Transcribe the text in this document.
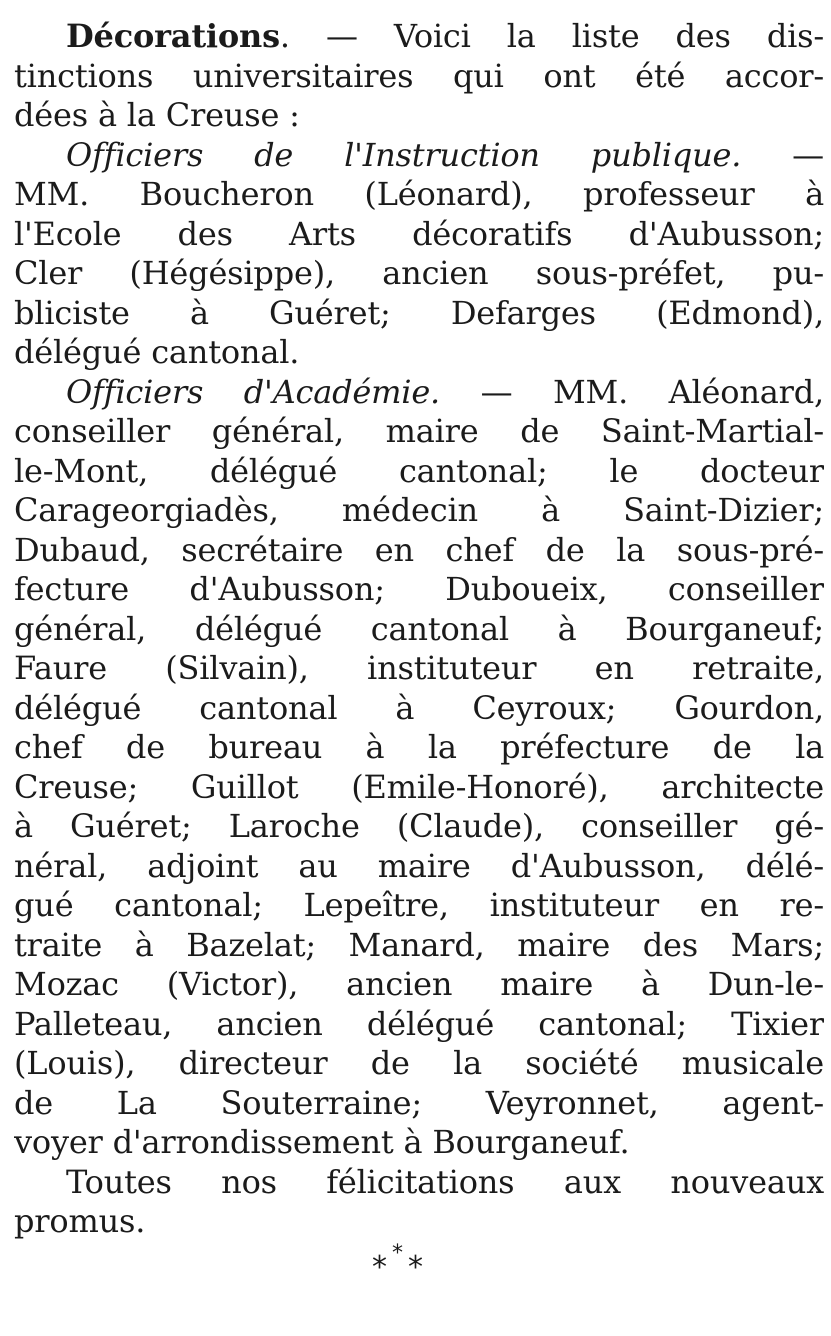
Décorations. — Voici la liste des dis-
tinctions universitaires qui ont été accor-
dées à la Creuse :
Officiers de l'Instruction publique. —
MM. Boucheron (Léonard), professeur à
l'Ecole des Arts décoratifs d'Aubusson;
Cler (Hégésippe), ancien sous-préfet, pu-
bliciste à Guéret; Defarges (Edmond),
délégué cantonal.
Officiers d'Académie. — MM. Aléonard,
conseiller général, maire de Saint-Martial-
le-Mont, délégué cantonal; le docteur
Carageorgiadès, médecin à Saint-Dizier;
Dubaud, secrétaire en chef de la sous-pré-
fecture d'Aubusson; Duboueix, conseiller
général, délégué cantonal à Bourganeuf;
Faure (Silvain), instituteur en retraite,
délégué cantonal à Ceyroux; Gourdon,
chef de bureau à la préfecture de la
Creuse; Guillot (Emile-Honoré), architecte
à Guéret; Laroche (Claude), conseiller gé-
néral, adjoint au maire d'Aubusson, délé-
gué cantonal; Lepeître, instituteur en re-
traite à Bazelat; Manard, maire des Mars;
Mozac (Victor), ancien maire à Dun-le-
Palleteau, ancien délégué cantonal; Tixier
(Louis), directeur de la société musicale
de La Souterraine; Veyronnet, agent-
voyer d'arrondissement à Bourganeuf.
Toutes nos félicitations aux nouveaux
promus.
* * *
